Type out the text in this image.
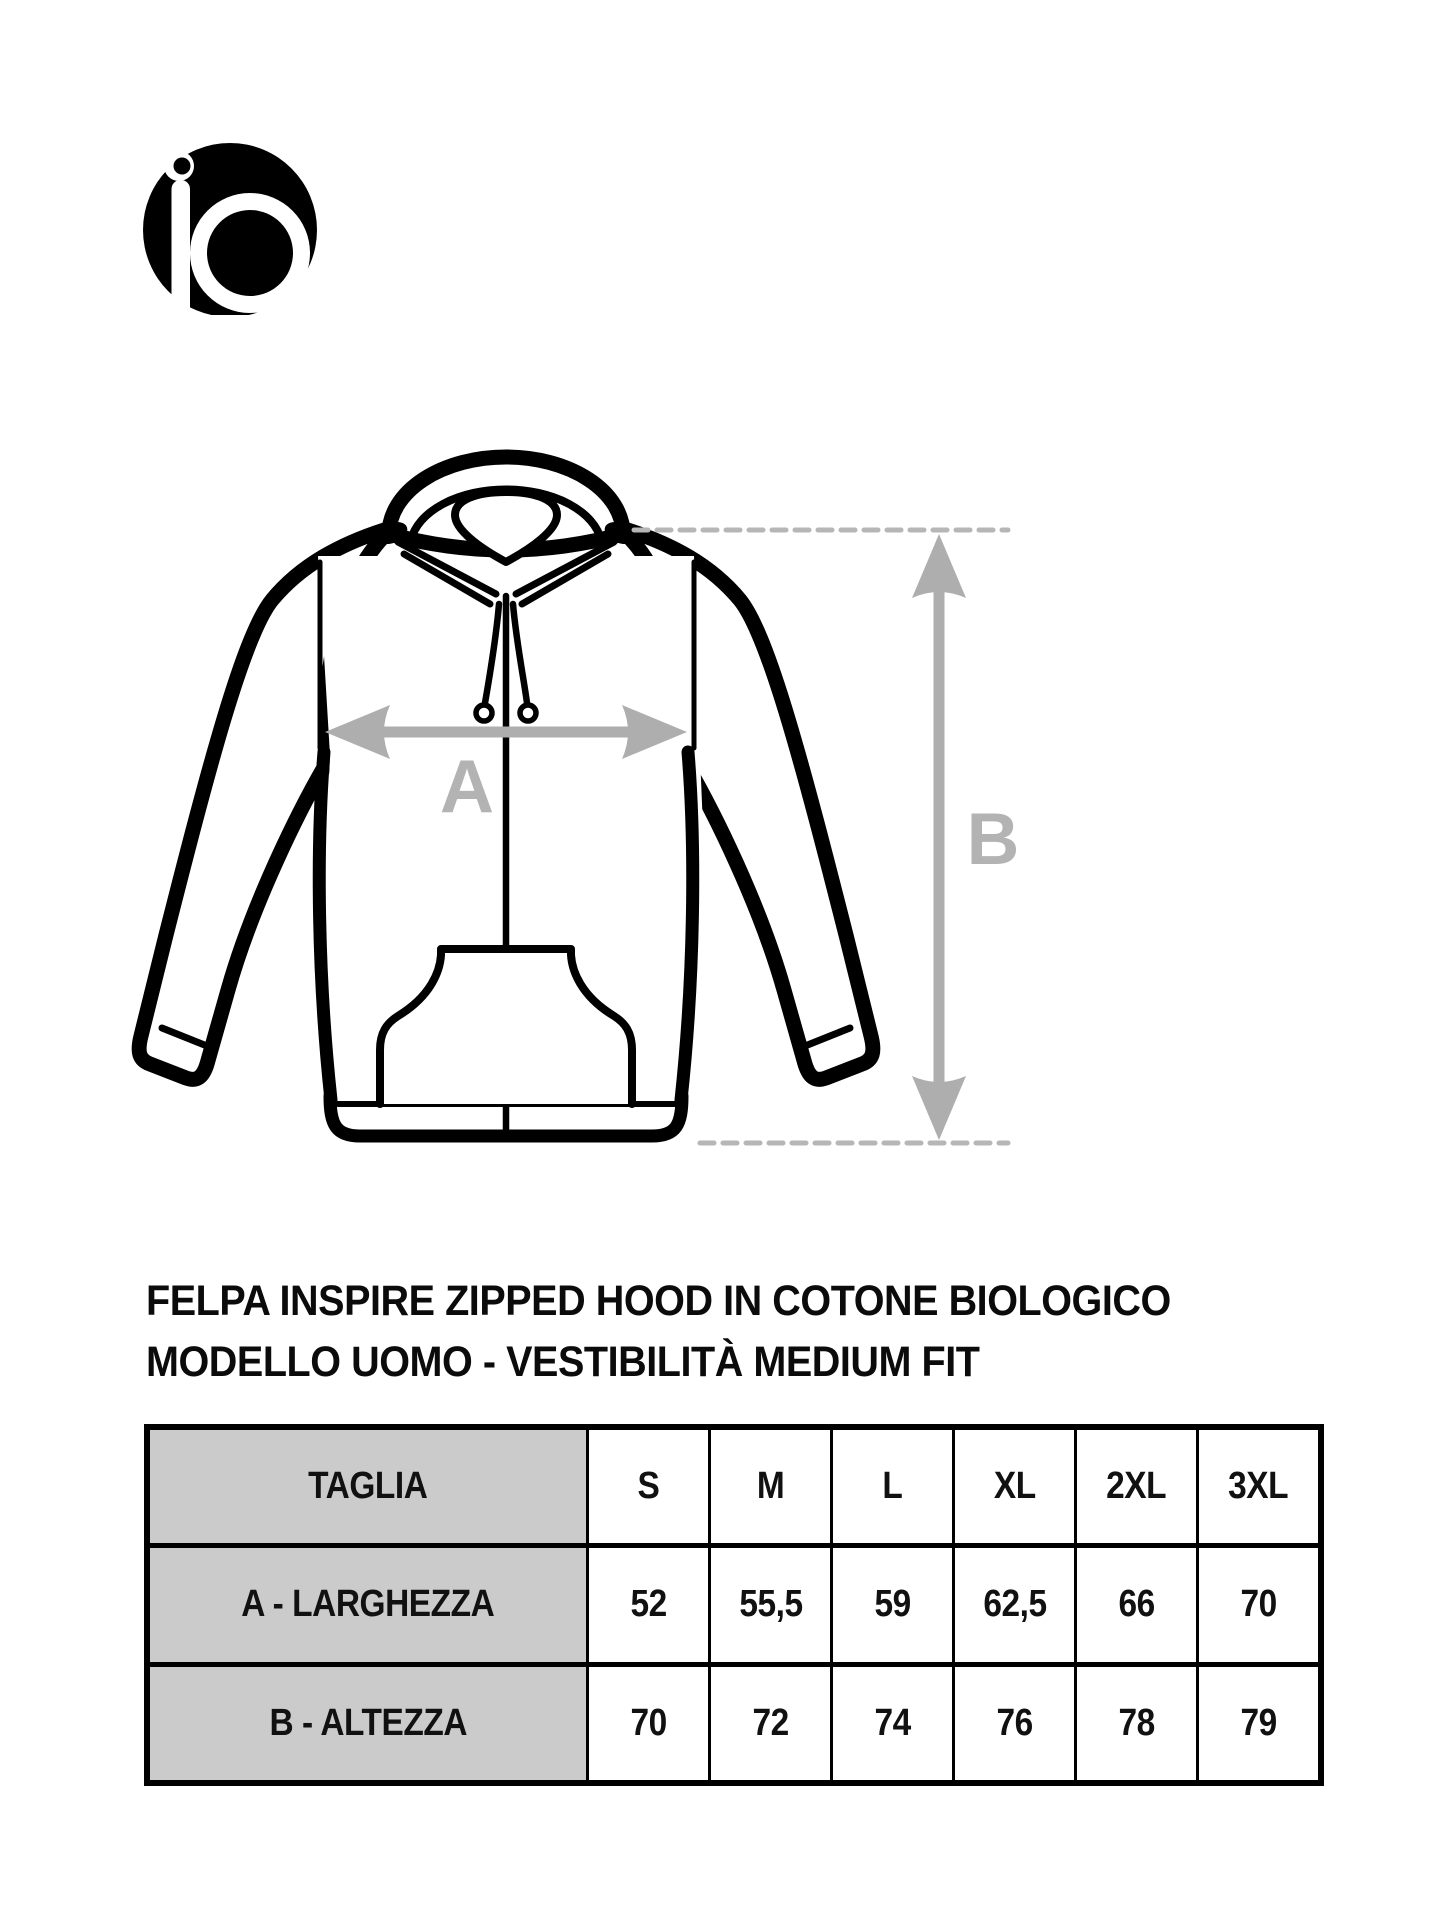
A
B
FELPA INSPIRE ZIPPED HOOD IN COTONE BIOLOGICO
MODELLO UOMO - VESTIBILITÀ MEDIUM FIT
TAGLIA	S	M	L XL 2XL 3XL
A - LARGHEZZA	52 55,5 59 62,5 66 70
B - ALTEZZA	70 72 74 76 78 79
